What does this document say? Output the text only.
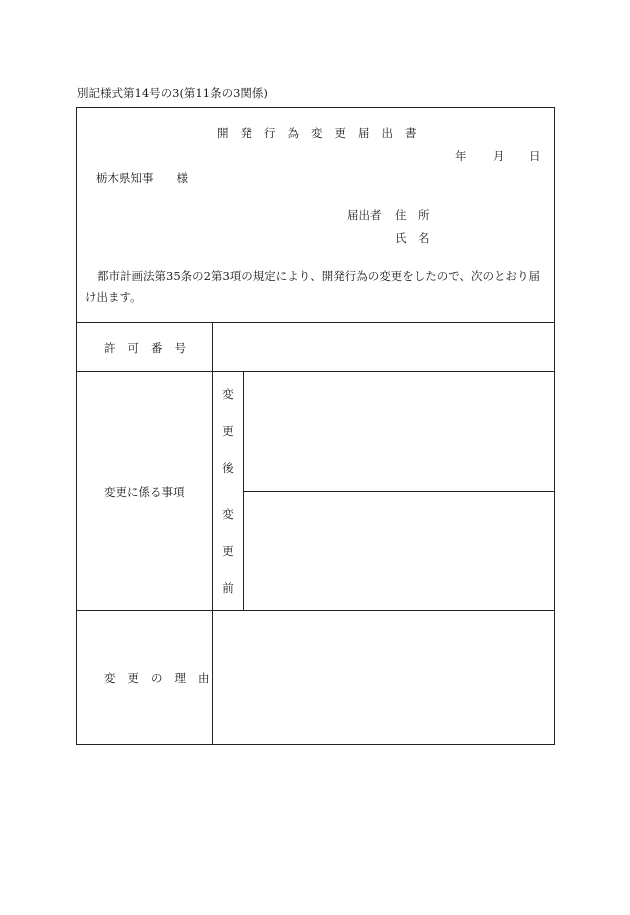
別記様式第14号の3(第11条の3関係)
開発行為変更届出書
年 月 日
栃木県知事　　様
届出者 住　所
氏　名
都市計画法第35条の2第3項の規定により、開発行為の変更をしたので、次のとおり届け出ます。
許可番号
変更に係る事項
変
更
後
変
更
前
変更の理由
